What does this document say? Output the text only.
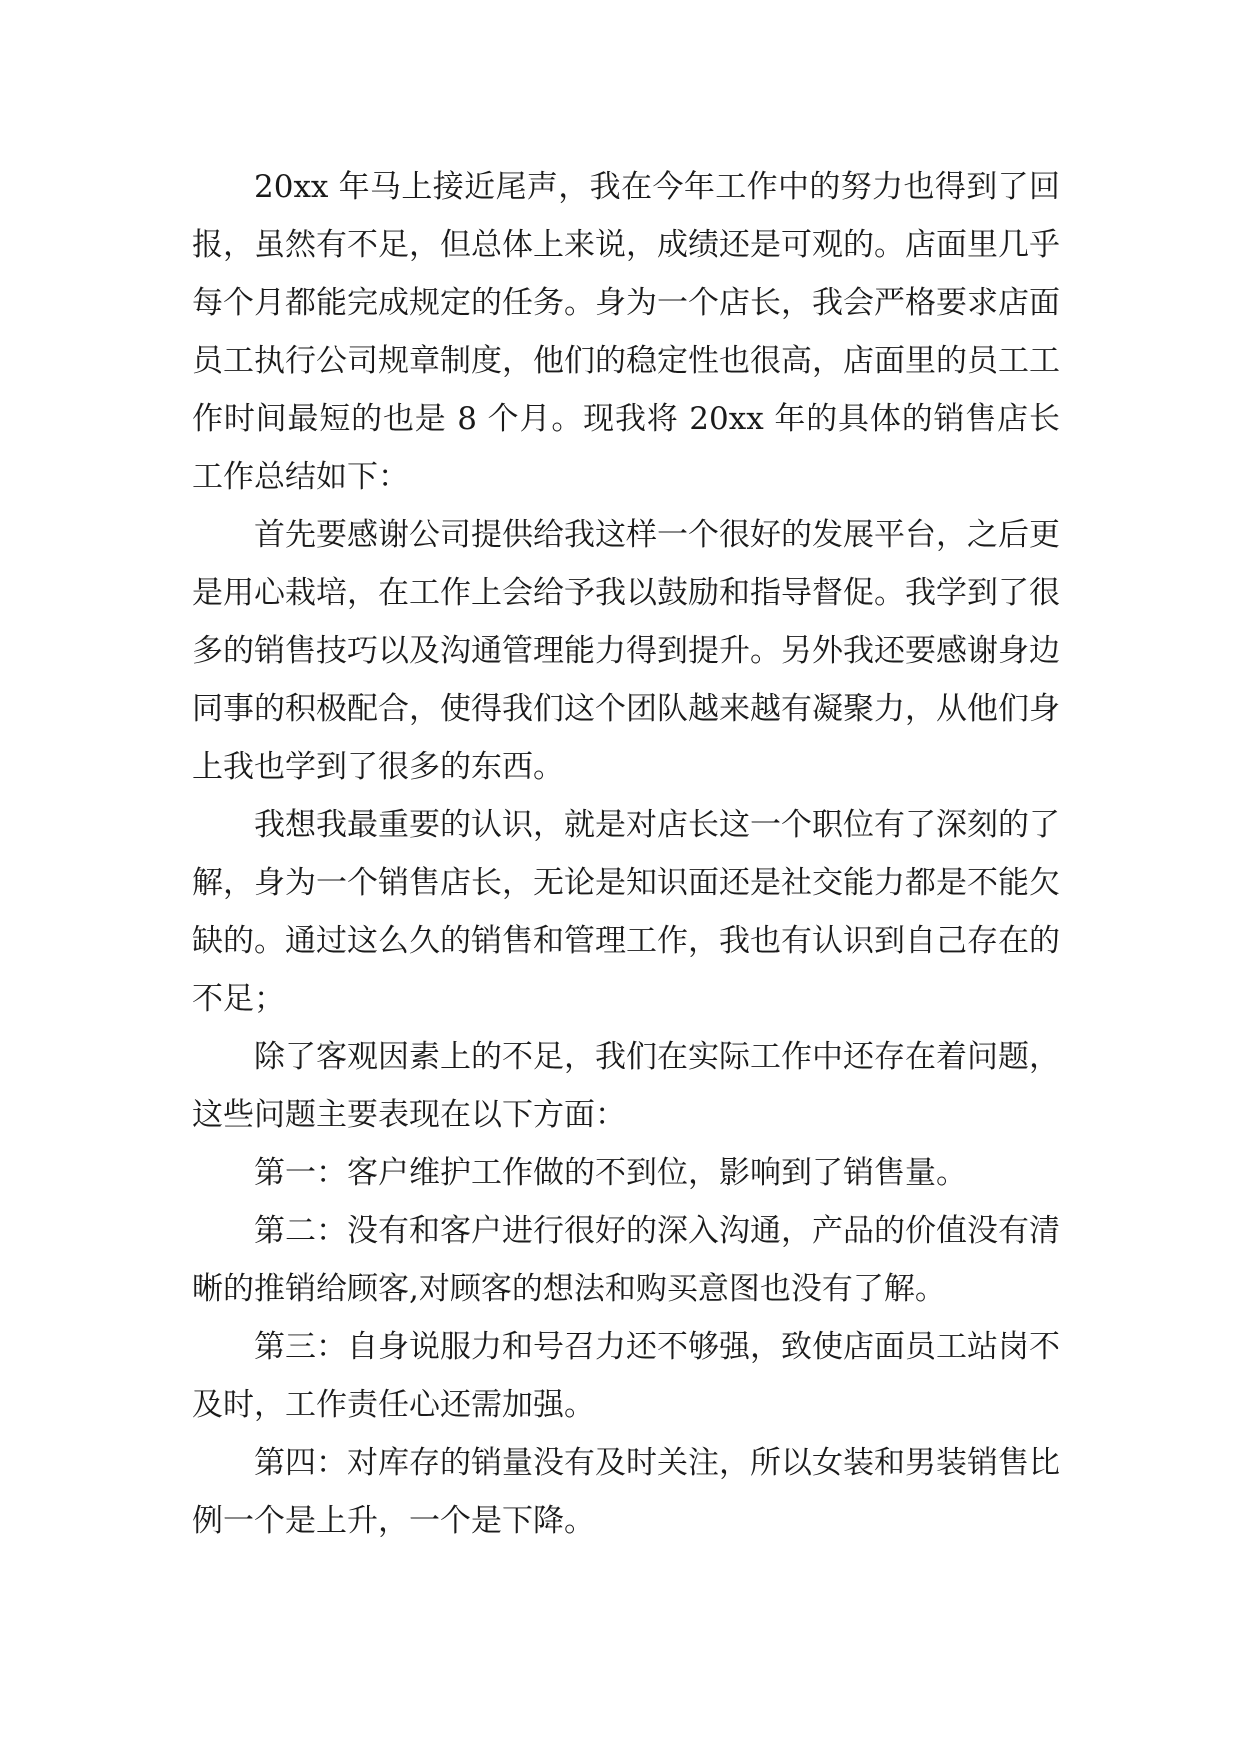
20xx 年马上接近尾声，我在今年工作中的努力也得到了回报，虽然有不足，但总体上来说，成绩还是可观的。店面里几乎每个月都能完成规定的任务。身为一个店长，我会严格要求店面员工执行公司规章制度，他们的稳定性也很高，店面里的员工工作时间最短的也是 8 个月。现我将 20xx 年的具体的销售店长工作总结如下：

首先要感谢公司提供给我这样一个很好的发展平台，之后更是用心栽培，在工作上会给予我以鼓励和指导督促。我学到了很多的销售技巧以及沟通管理能力得到提升。另外我还要感谢身边同事的积极配合，使得我们这个团队越来越有凝聚力，从他们身上我也学到了很多的东西。

我想我最重要的认识，就是对店长这一个职位有了深刻的了解，身为一个销售店长，无论是知识面还是社交能力都是不能欠缺的。通过这么久的销售和管理工作，我也有认识到自己存在的不足；

除了客观因素上的不足，我们在实际工作中还存在着问题，这些问题主要表现在以下方面：

第一：客户维护工作做的不到位，影响到了销售量。

第二：没有和客户进行很好的深入沟通，产品的价值没有清晰的推销给顾客,对顾客的想法和购买意图也没有了解。

第三：自身说服力和号召力还不够强，致使店面员工站岗不及时，工作责任心还需加强。

第四：对库存的销量没有及时关注，所以女装和男装销售比例一个是上升，一个是下降。
